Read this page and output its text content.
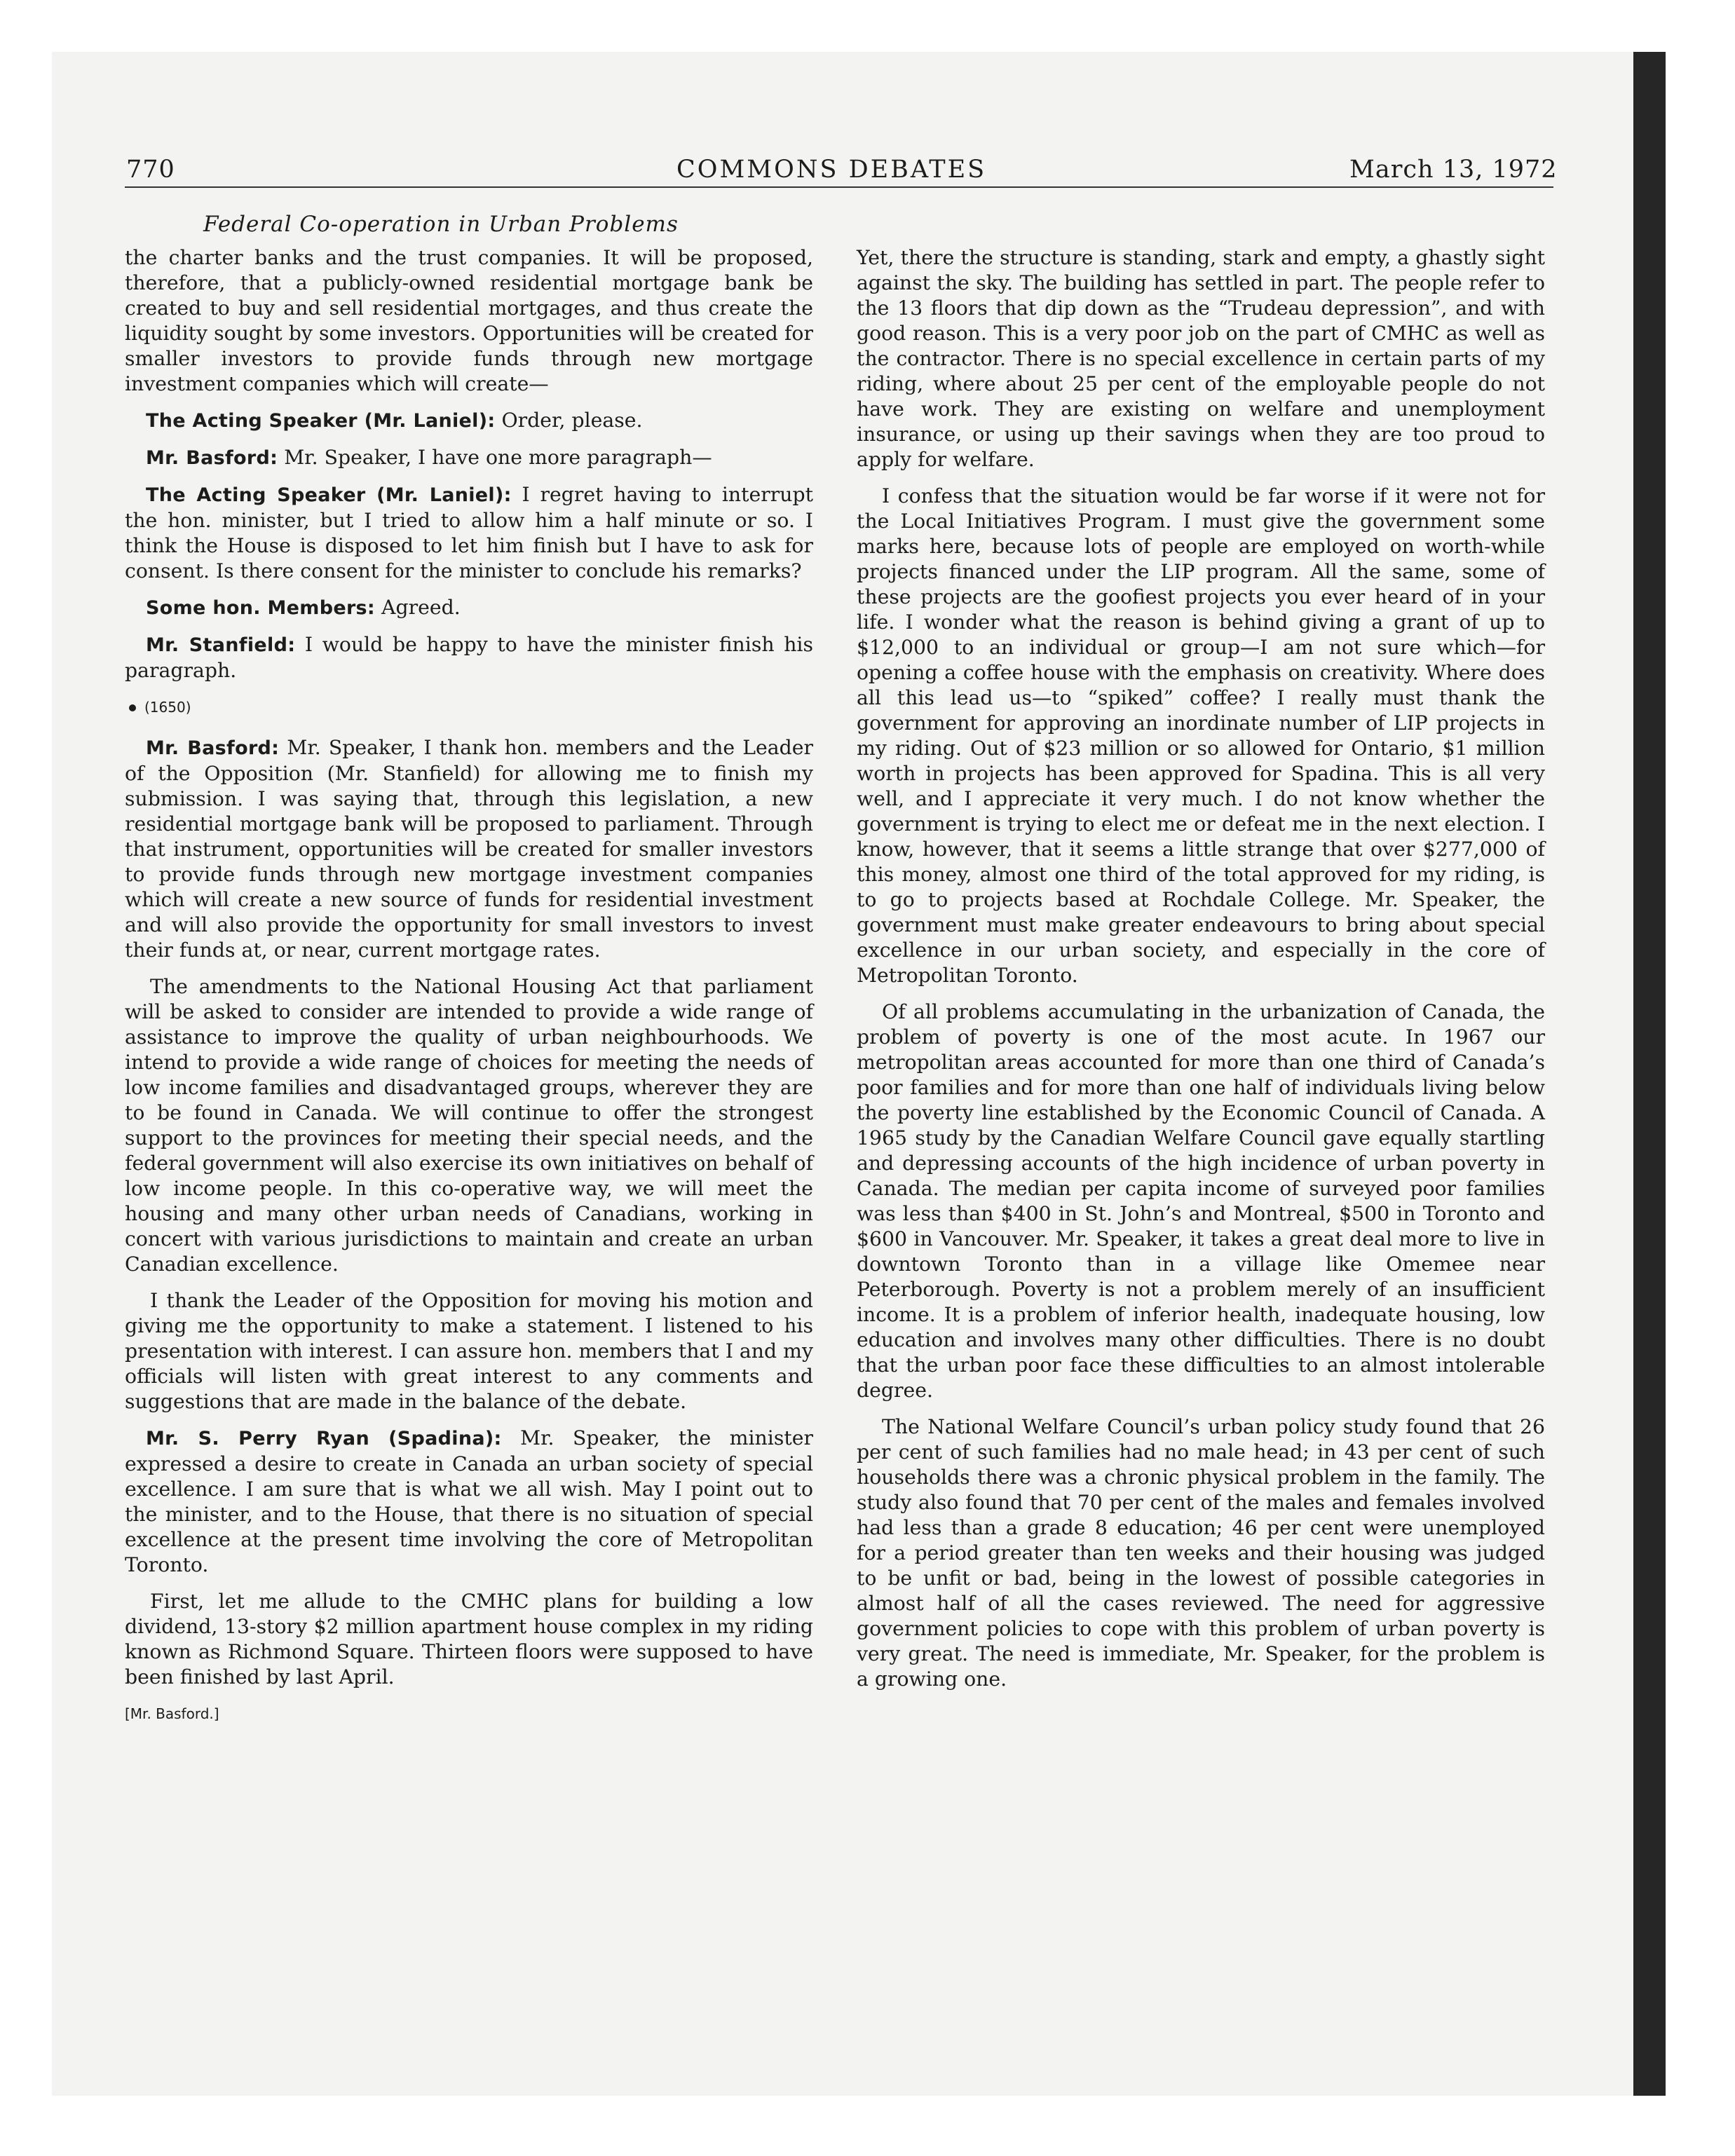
770	COMMONS DEBATES	March 13, 1972
Federal Co-operation in Urban Problems

the charter banks and the trust companies. It will be proposed, therefore, that a publicly-owned residential mortgage bank be created to buy and sell residential mortgages, and thus create the liquidity sought by some investors. Opportunities will be created for smaller investors to provide funds through new mortgage investment companies which will create—

The Acting Speaker (Mr. Laniel): Order, please.

Mr. Basford: Mr. Speaker, I have one more paragraph—

The Acting Speaker (Mr. Laniel): I regret having to interrupt the hon. minister, but I tried to allow him a half minute or so. I think the House is disposed to let him finish but I have to ask for consent. Is there consent for the minister to conclude his remarks?

Some hon. Members: Agreed.

Mr. Stanfield: I would be happy to have the minister finish his paragraph.

(1650)

Mr. Basford: Mr. Speaker, I thank hon. members and the Leader of the Opposition (Mr. Stanfield) for allowing me to finish my submission. I was saying that, through this legislation, a new residential mortgage bank will be proposed to parliament. Through that instrument, opportunities will be created for smaller investors to provide funds through new mortgage investment companies which will create a new source of funds for residential investment and will also provide the opportunity for small investors to invest their funds at, or near, current mortgage rates.

The amendments to the National Housing Act that parliament will be asked to consider are intended to provide a wide range of assistance to improve the quality of urban neighbourhoods. We intend to provide a wide range of choices for meeting the needs of low income families and disadvantaged groups, wherever they are to be found in Canada. We will continue to offer the strongest support to the provinces for meeting their special needs, and the federal government will also exercise its own initiatives on behalf of low income people. In this co-operative way, we will meet the housing and many other urban needs of Canadians, working in concert with various jurisdictions to maintain and create an urban Canadian excellence.

I thank the Leader of the Opposition for moving his motion and giving me the opportunity to make a statement. I listened to his presentation with interest. I can assure hon. members that I and my officials will listen with great interest to any comments and suggestions that are made in the balance of the debate.

Mr. S. Perry Ryan (Spadina): Mr. Speaker, the minister expressed a desire to create in Canada an urban society of special excellence. I am sure that is what we all wish. May I point out to the minister, and to the House, that there is no situation of special excellence at the present time involving the core of Metropolitan Toronto.

First, let me allude to the CMHC plans for building a low dividend, 13-story $2 million apartment house complex in my riding known as Richmond Square. Thirteen floors were supposed to have been finished by last April.

[Mr. Basford.]

Yet, there the structure is standing, stark and empty, a ghastly sight against the sky. The building has settled in part. The people refer to the 13 floors that dip down as the “Trudeau depression”, and with good reason. This is a very poor job on the part of CMHC as well as the contractor. There is no special excellence in certain parts of my riding, where about 25 per cent of the employable people do not have work. They are existing on welfare and unemployment insurance, or using up their savings when they are too proud to apply for welfare.

I confess that the situation would be far worse if it were not for the Local Initiatives Program. I must give the government some marks here, because lots of people are employed on worth-while projects financed under the LIP program. All the same, some of these projects are the goofiest projects you ever heard of in your life. I wonder what the reason is behind giving a grant of up to $12,000 to an individual or group—I am not sure which—for opening a coffee house with the emphasis on creativity. Where does all this lead us—to “spiked” coffee? I really must thank the government for approving an inordinate number of LIP projects in my riding. Out of $23 million or so allowed for Ontario, $1 million worth in projects has been approved for Spadina. This is all very well, and I appreciate it very much. I do not know whether the government is trying to elect me or defeat me in the next election. I know, however, that it seems a little strange that over $277,000 of this money, almost one third of the total approved for my riding, is to go to projects based at Rochdale College. Mr. Speaker, the government must make greater endeavours to bring about special excellence in our urban society, and especially in the core of Metropolitan Toronto.

Of all problems accumulating in the urbanization of Canada, the problem of poverty is one of the most acute. In 1967 our metropolitan areas accounted for more than one third of Canada’s poor families and for more than one half of individuals living below the poverty line established by the Economic Council of Canada. A 1965 study by the Canadian Welfare Council gave equally startling and depressing accounts of the high incidence of urban poverty in Canada. The median per capita income of surveyed poor families was less than $400 in St. John’s and Montreal, $500 in Toronto and $600 in Vancouver. Mr. Speaker, it takes a great deal more to live in downtown Toronto than in a village like Omemee near Peterborough. Poverty is not a problem merely of an insufficient income. It is a problem of inferior health, inadequate housing, low education and involves many other difficulties. There is no doubt that the urban poor face these difficulties to an almost intolerable degree.

The National Welfare Council’s urban policy study found that 26 per cent of such families had no male head; in 43 per cent of such households there was a chronic physical problem in the family. The study also found that 70 per cent of the males and females involved had less than a grade 8 education; 46 per cent were unemployed for a period greater than ten weeks and their housing was judged to be unfit or bad, being in the lowest of possible categories in almost half of all the cases reviewed. The need for aggressive government policies to cope with this problem of urban poverty is very great. The need is immediate, Mr. Speaker, for the problem is a growing one.
